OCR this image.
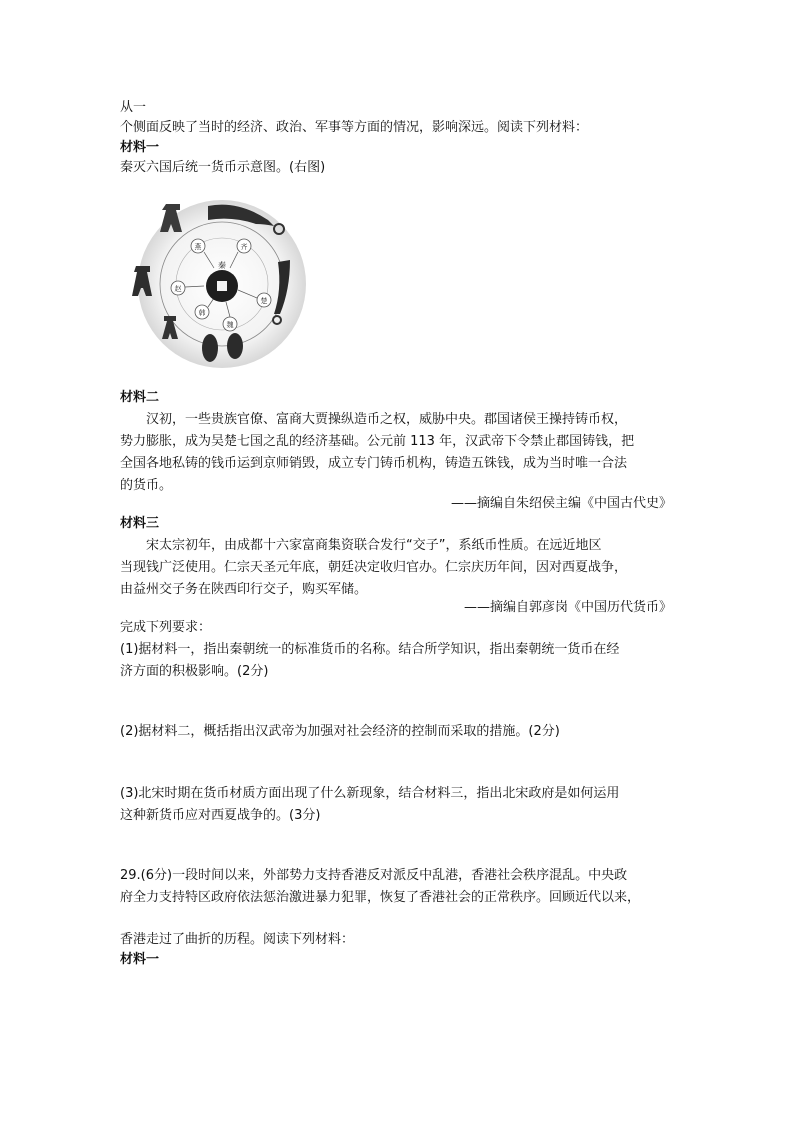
从一
个侧面反映了当时的经济、政治、军事等方面的情况，影响深远。阅读下列材料：
材料一
秦灭六国后统一货币示意图。(右图)
燕	齐
楚
韩
赵
魏
秦
材料二
汉初，一些贵族官僚、富商大贾操纵造币之权，威胁中央。郡国诸侯王操持铸币权，
势力膨胀，成为吴楚七国之乱的经济基础。公元前 113 年，汉武帝下令禁止郡国铸钱，把
全国各地私铸的钱币运到京师销毁，成立专门铸币机构，铸造五铢钱，成为当时唯一合法
的货币。
——摘编自朱绍侯主编《中国古代史》
材料三
宋太宗初年，由成都十六家富商集资联合发行“交子”，系纸币性质。在远近地区
当现钱广泛使用。仁宗天圣元年底，朝廷决定收归官办。仁宗庆历年间，因对西夏战争，
由益州交子务在陕西印行交子，购买军储。
——摘编自郭彦岗《中国历代货币》
完成下列要求：
(1)据材料一，指出秦朝统一的标准货币的名称。结合所学知识，指出秦朝统一货币在经
济方面的积极影响。(2分)
(2)据材料二，概括指出汉武帝为加强对社会经济的控制而采取的措施。(2分)
(3)北宋时期在货币材质方面出现了什么新现象，结合材料三，指出北宋政府是如何运用
这种新货币应对西夏战争的。(3分)
29.(6分)一段时间以来，外部势力支持香港反对派反中乱港，香港社会秩序混乱。中央政
府全力支持特区政府依法惩治激进暴力犯罪，恢复了香港社会的正常秩序。回顾近代以来，
香港走过了曲折的历程。阅读下列材料：
材料一
